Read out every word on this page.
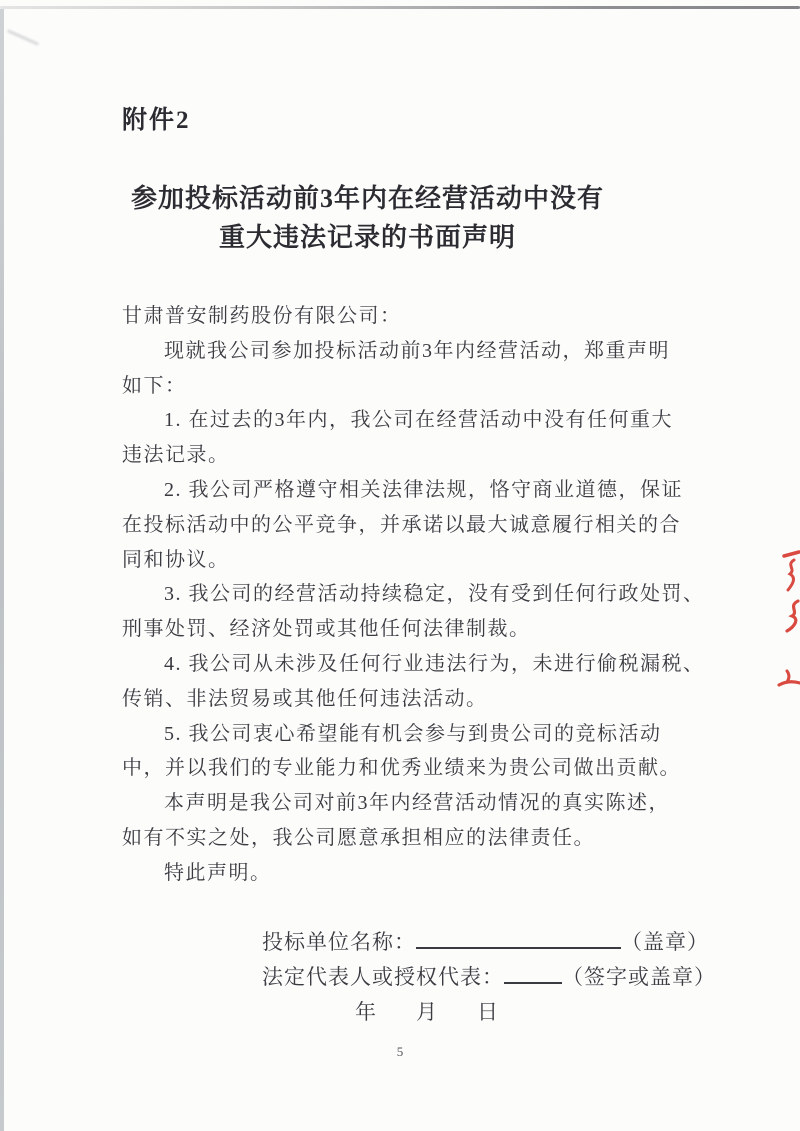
附件2
参加投标活动前3年内在经营活动中没有
重大违法记录的书面声明
甘肃普安制药股份有限公司：
现就我公司参加投标活动前3年内经营活动，郑重声明
如下：
1. 在过去的3年内，我公司在经营活动中没有任何重大
违法记录。
2. 我公司严格遵守相关法律法规，恪守商业道德，保证
在投标活动中的公平竞争，并承诺以最大诚意履行相关的合
同和协议。
3. 我公司的经营活动持续稳定，没有受到任何行政处罚、
刑事处罚、经济处罚或其他任何法律制裁。
4. 我公司从未涉及任何行业违法行为，未进行偷税漏税、
传销、非法贸易或其他任何违法活动。
5. 我公司衷心希望能有机会参与到贵公司的竞标活动
中，并以我们的专业能力和优秀业绩来为贵公司做出贡献。
本声明是我公司对前3年内经营活动情况的真实陈述，
如有不实之处，我公司愿意承担相应的法律责任。
特此声明。
投标单位名称：	（盖章）
法定代表人或授权代表：	（签字或盖章）
年 月 日
5
